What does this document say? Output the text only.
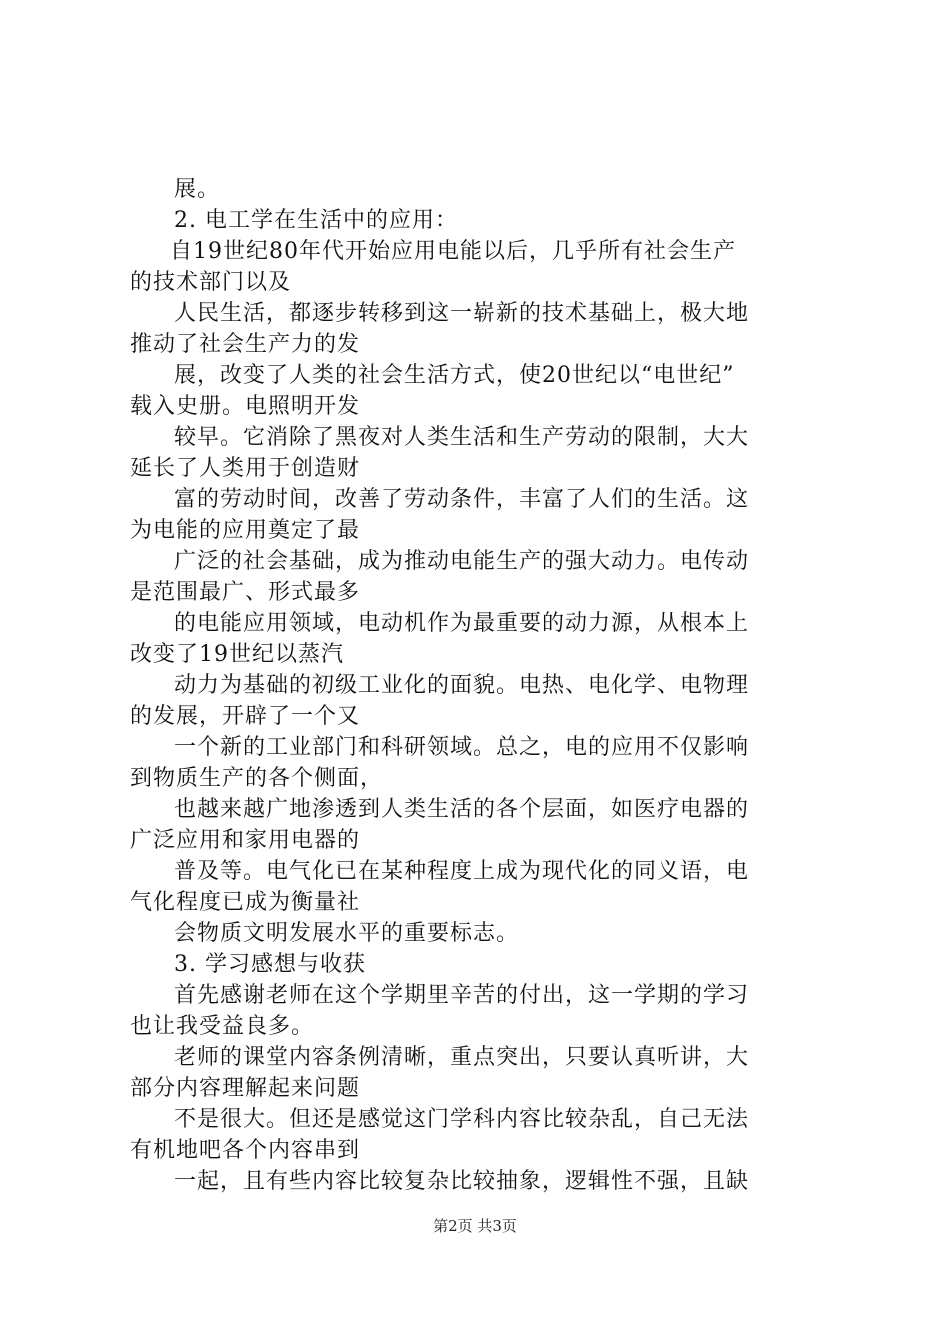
展。
2. 电工学在生活中的应用：
自19世纪80年代开始应用电能以后，几乎所有社会生产
的技术部门以及
人民生活，都逐步转移到这一崭新的技术基础上，极大地
推动了社会生产力的发
展，改变了人类的社会生活方式，使20世纪以“电世纪”
载入史册。电照明开发
较早。它消除了黑夜对人类生活和生产劳动的限制，大大
延长了人类用于创造财
富的劳动时间，改善了劳动条件，丰富了人们的生活。这
为电能的应用奠定了最
广泛的社会基础，成为推动电能生产的强大动力。电传动
是范围最广、形式最多
的电能应用领域，电动机作为最重要的动力源，从根本上
改变了19世纪以蒸汽
动力为基础的初级工业化的面貌。电热、电化学、电物理
的发展，开辟了一个又
一个新的工业部门和科研领域。总之，电的应用不仅影响
到物质生产的各个侧面，
也越来越广地渗透到人类生活的各个层面，如医疗电器的
广泛应用和家用电器的
普及等。电气化已在某种程度上成为现代化的同义语，电
气化程度已成为衡量社
会物质文明发展水平的重要标志。
3. 学习感想与收获
首先感谢老师在这个学期里辛苦的付出，这一学期的学习
也让我受益良多。
老师的课堂内容条例清晰，重点突出，只要认真听讲，大
部分内容理解起来问题
不是很大。但还是感觉这门学科内容比较杂乱，自己无法
有机地吧各个内容串到
一起，且有些内容比较复杂比较抽象，逻辑性不强，且缺
第2页 共3页
